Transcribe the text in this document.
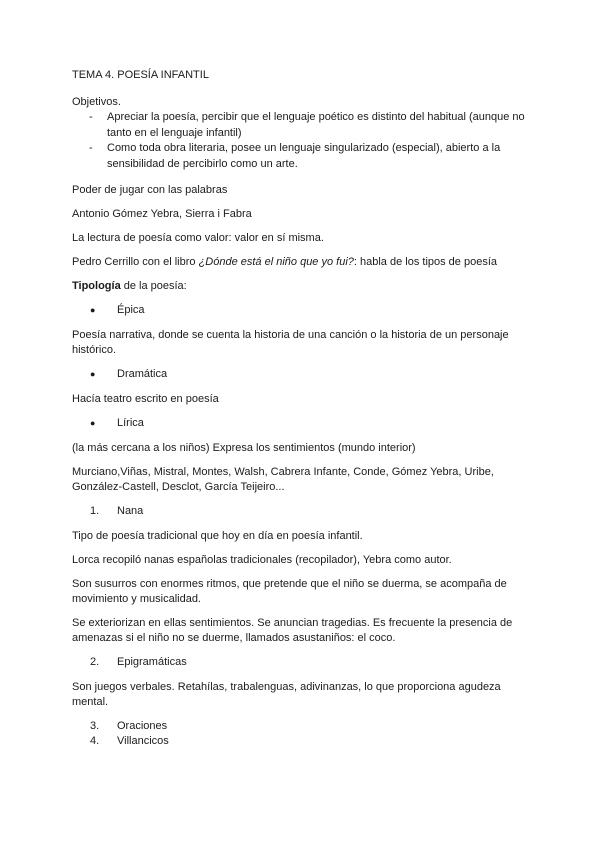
TEMA 4. POESÍA INFANTIL

Objetivos.

- Apreciar la poesía, percibir que el lenguaje poético es distinto del habitual (aunque no tanto en el lenguaje infantil)
- Como toda obra literaria, posee un lenguaje singularizado (especial), abierto a la sensibilidad de percibirlo como un arte.

Poder de jugar con las palabras

Antonio Gómez Yebra, Sierra i Fabra

La lectura de poesía como valor: valor en sí misma.

Pedro Cerrillo con el libro ¿Dónde está el niño que yo fui?: habla de los tipos de poesía

Tipología de la poesía:

● Épica

Poesía narrativa, donde se cuenta la historia de una canción o la historia de un personaje histórico.

● Dramática

Hacía teatro escrito en poesía

● Lírica

(la más cercana a los niños) Expresa los sentimientos (mundo interior)

Murciano,Viñas, Mistral, Montes, Walsh, Cabrera Infante, Conde, Gómez Yebra, Uribe, González-Castell, Desclot, García Teijeiro...

1. Nana

Tipo de poesía tradicional que hoy en día en poesía infantil.

Lorca recopiló nanas españolas tradicionales (recopilador), Yebra como autor.

Son susurros con enormes ritmos, que pretende que el niño se duerma, se acompaña de movimiento y musicalidad.

Se exteriorizan en ellas sentimientos. Se anuncian tragedias. Es frecuente la presencia de amenazas si el niño no se duerme, llamados asustaniños: el coco.

2. Epigramáticas

Son juegos verbales. Retahílas, trabalenguas, adivinanzas, lo que proporciona agudeza mental.

3. Oraciones
4. Villancicos
